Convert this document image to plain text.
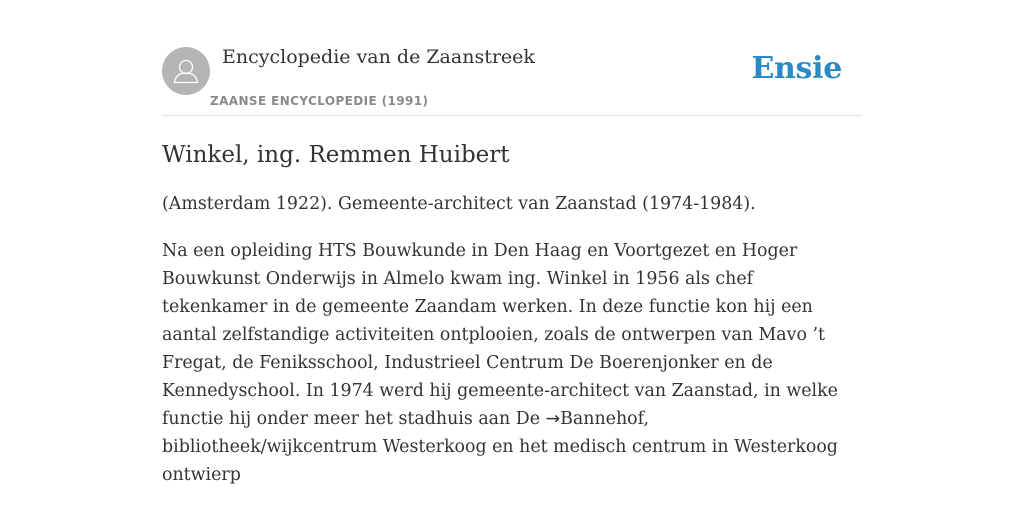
Encyclopedie van de Zaanstreek
ZAANSE ENCYCLOPEDIE (1991)
Ensie
Winkel, ing. Remmen Huibert

(Amsterdam 1922). Gemeente-architect van Zaanstad (1974-1984).

Na een opleiding HTS Bouwkunde in Den Haag en Voortgezet en Hoger Bouwkunst Onderwijs in Almelo kwam ing. Winkel in 1956 als chef tekenkamer in de gemeente Zaandam werken. In deze functie kon hij een aantal zelfstandige activiteiten ontplooien, zoals de ontwerpen van Mavo ’t Fregat, de Feniksschool, Industrieel Centrum De Boerenjonker en de Kennedyschool. In 1974 werd hij gemeente-architect van Zaanstad, in welke functie hij onder meer het stadhuis aan De →Bannehof, bibliotheek/wijkcentrum Westerkoog en het medisch centrum in Westerkoog ontwierp
